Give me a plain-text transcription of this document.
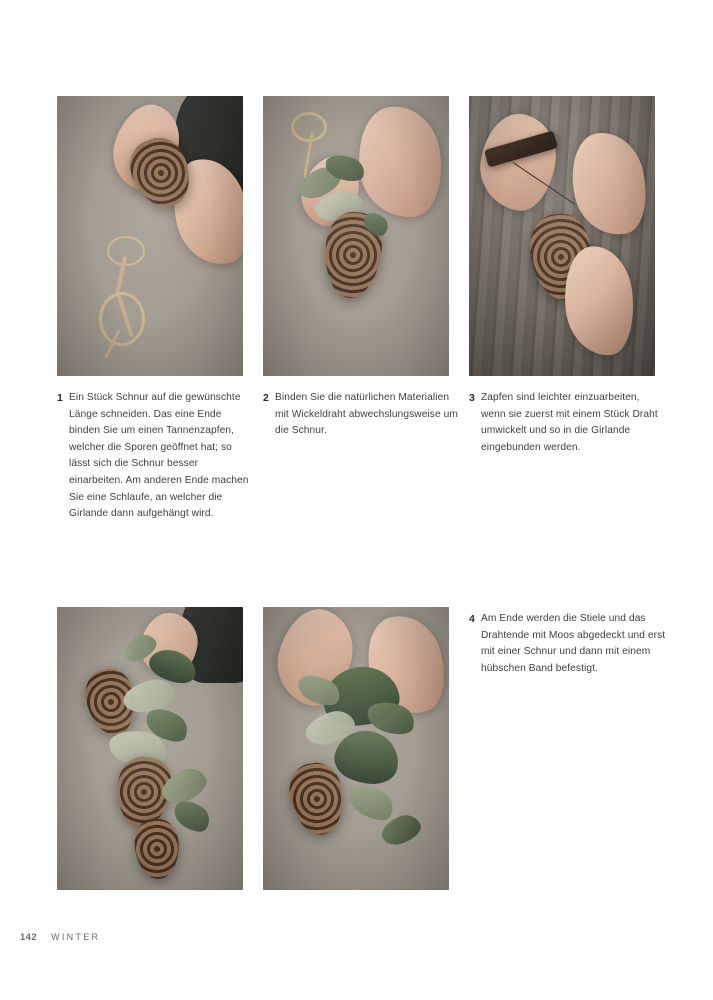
1 Ein Stück Schnur auf die gewünschte Länge schneiden. Das eine Ende binden Sie um einen Tannenzapfen, welcher die Sporen geöffnet hat; so lässt sich die Schnur besser einarbeiten. Am anderen Ende machen Sie eine Schlaufe, an welcher die Girlande dann aufgehängt wird.
2 Binden Sie die natürlichen Materialien mit Wickeldraht abwechslungsweise um die Schnur.
3 Zapfen sind leichter einzuarbeiten, wenn sie zuerst mit einem Stück Draht umwickelt und so in die Girlande eingebunden werden.
4 Am Ende werden die Stiele und das Drahtende mit Moos abgedeckt und erst mit einer Schnur und dann mit einem hübschen Band befestigt.
142 WINTER
